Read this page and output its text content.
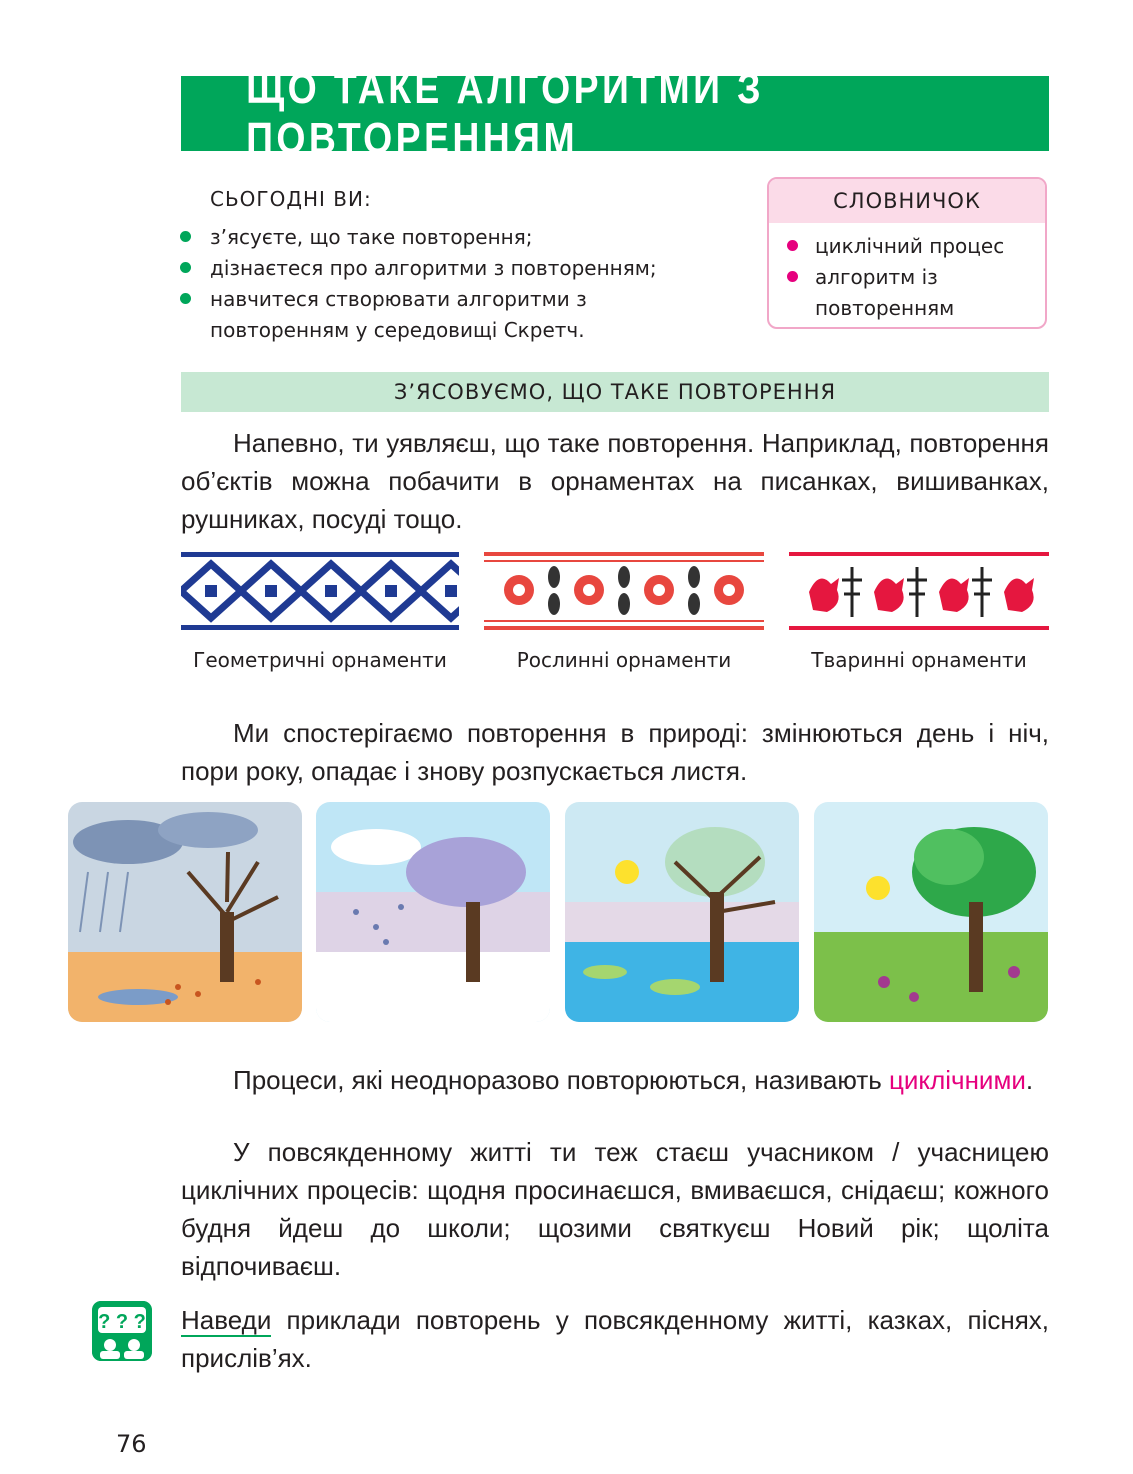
ЩО ТАКЕ АЛГОРИТМИ З ПОВТОРЕННЯМ
СЬОГОДНІ ВИ:
з’ясуєте, що таке повторення;
дізнаєтеся про алгоритми з повторенням;
навчитеся створювати алгоритми з повторенням у середовищі Скретч.
СЛОВНИЧОК
циклічний процес
алгоритм із повторенням
З’ЯСОВУЄМО, ЩО ТАКЕ ПОВТОРЕННЯ
Напевно, ти уявляєш, що таке повторення. Наприклад, повторення об’єктів можна побачити в орнаментах на писанках, вишиванках, рушниках, посуді тощо.
Геометричні орнаменти	Рослинні орнаменти	Тваринні орнаменти
Ми спостерігаємо повторення в природі: змінюються день і ніч, пори року, опадає і знову розпускається листя.
Процеси, які неодноразово повторюються, називають циклічними.
У повсякденному житті ти теж стаєш учасником / учасницею циклічних процесів: щодня просинаєшся, вмиваєшся, снідаєш; кожного будня йдеш до школи; щозими святкуєш Новий рік; щоліта відпочиваєш.
? ? ? Наведи приклади повторень у повсякденному житті, казках, піснях, прислів’ях.
76
